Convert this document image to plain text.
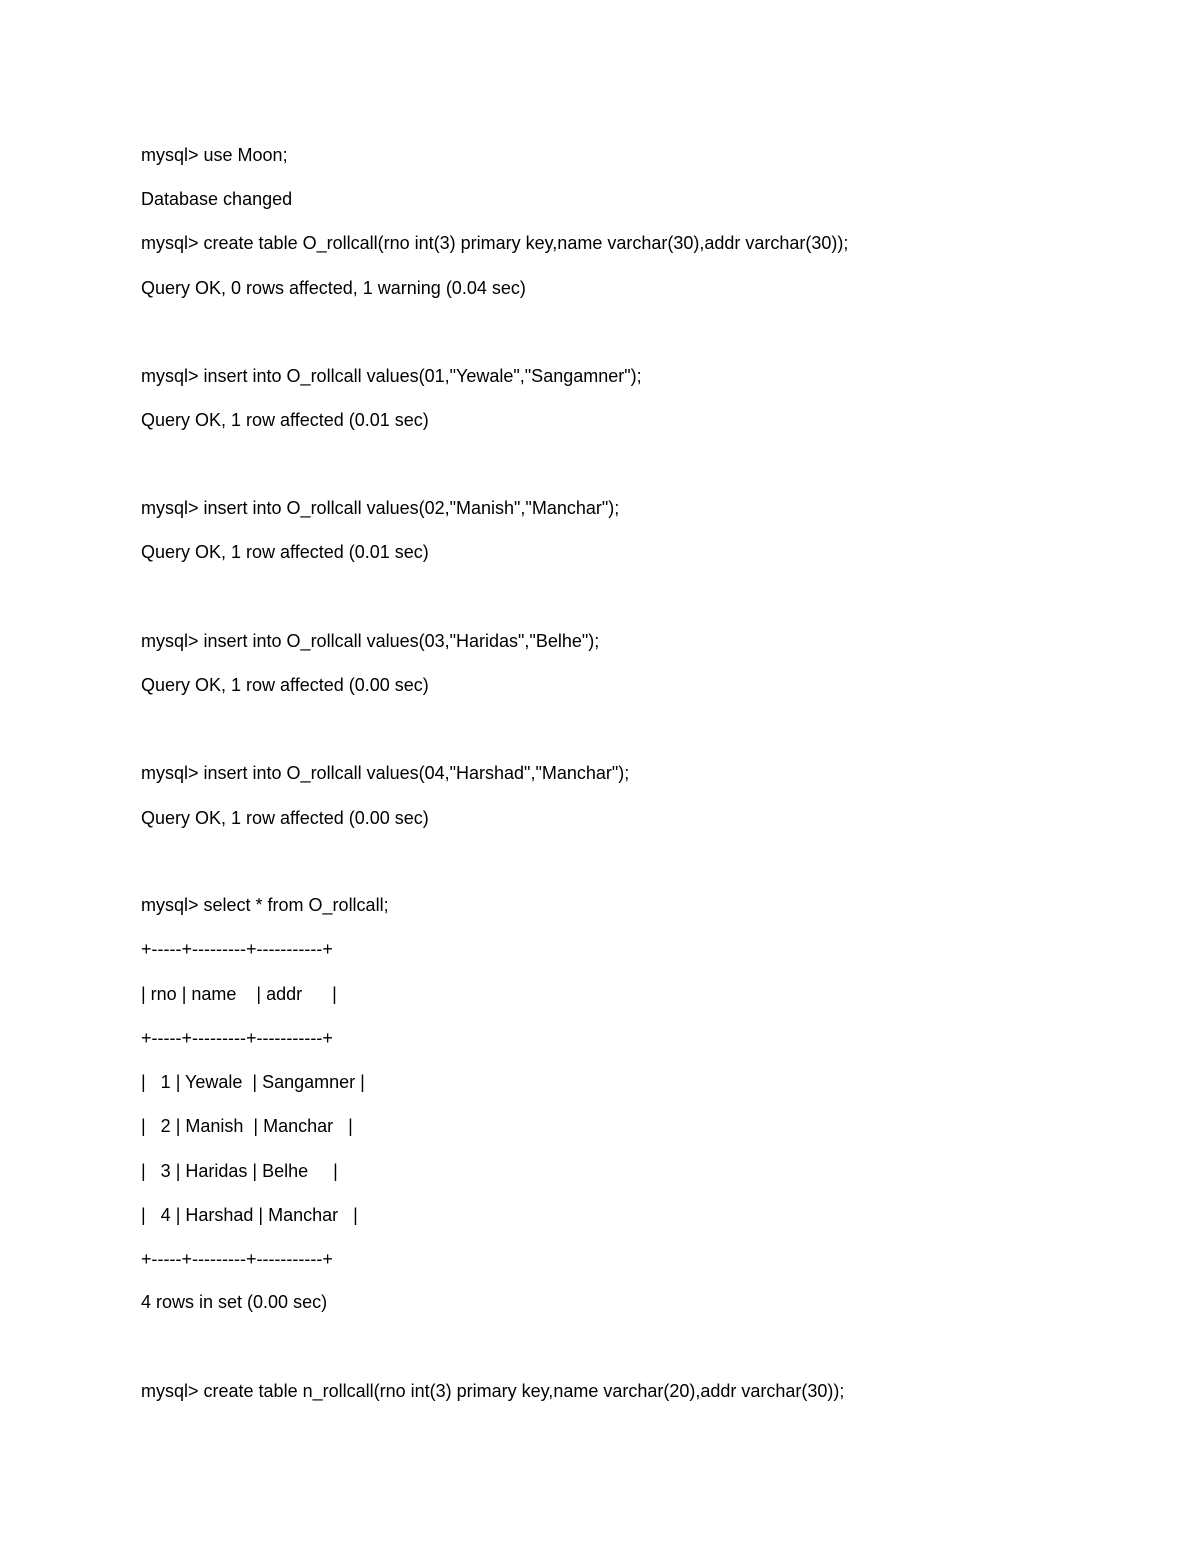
mysql> use Moon;
Database changed
mysql> create table O_rollcall(rno int(3) primary key,name varchar(30),addr varchar(30));
Query OK, 0 rows affected, 1 warning (0.04 sec)
mysql> insert into O_rollcall values(01,"Yewale","Sangamner");
Query OK, 1 row affected (0.01 sec)
mysql> insert into O_rollcall values(02,"Manish","Manchar");
Query OK, 1 row affected (0.01 sec)
mysql> insert into O_rollcall values(03,"Haridas","Belhe");
Query OK, 1 row affected (0.00 sec)
mysql> insert into O_rollcall values(04,"Harshad","Manchar");
Query OK, 1 row affected (0.00 sec)
mysql> select * from O_rollcall;
+-----+---------+-----------+
| rno | name    | addr      |
+-----+---------+-----------+
|   1 | Yewale  | Sangamner |
|   2 | Manish  | Manchar   |
|   3 | Haridas | Belhe     |
|   4 | Harshad | Manchar   |
+-----+---------+-----------+
4 rows in set (0.00 sec)
mysql> create table n_rollcall(rno int(3) primary key,name varchar(20),addr varchar(30));
